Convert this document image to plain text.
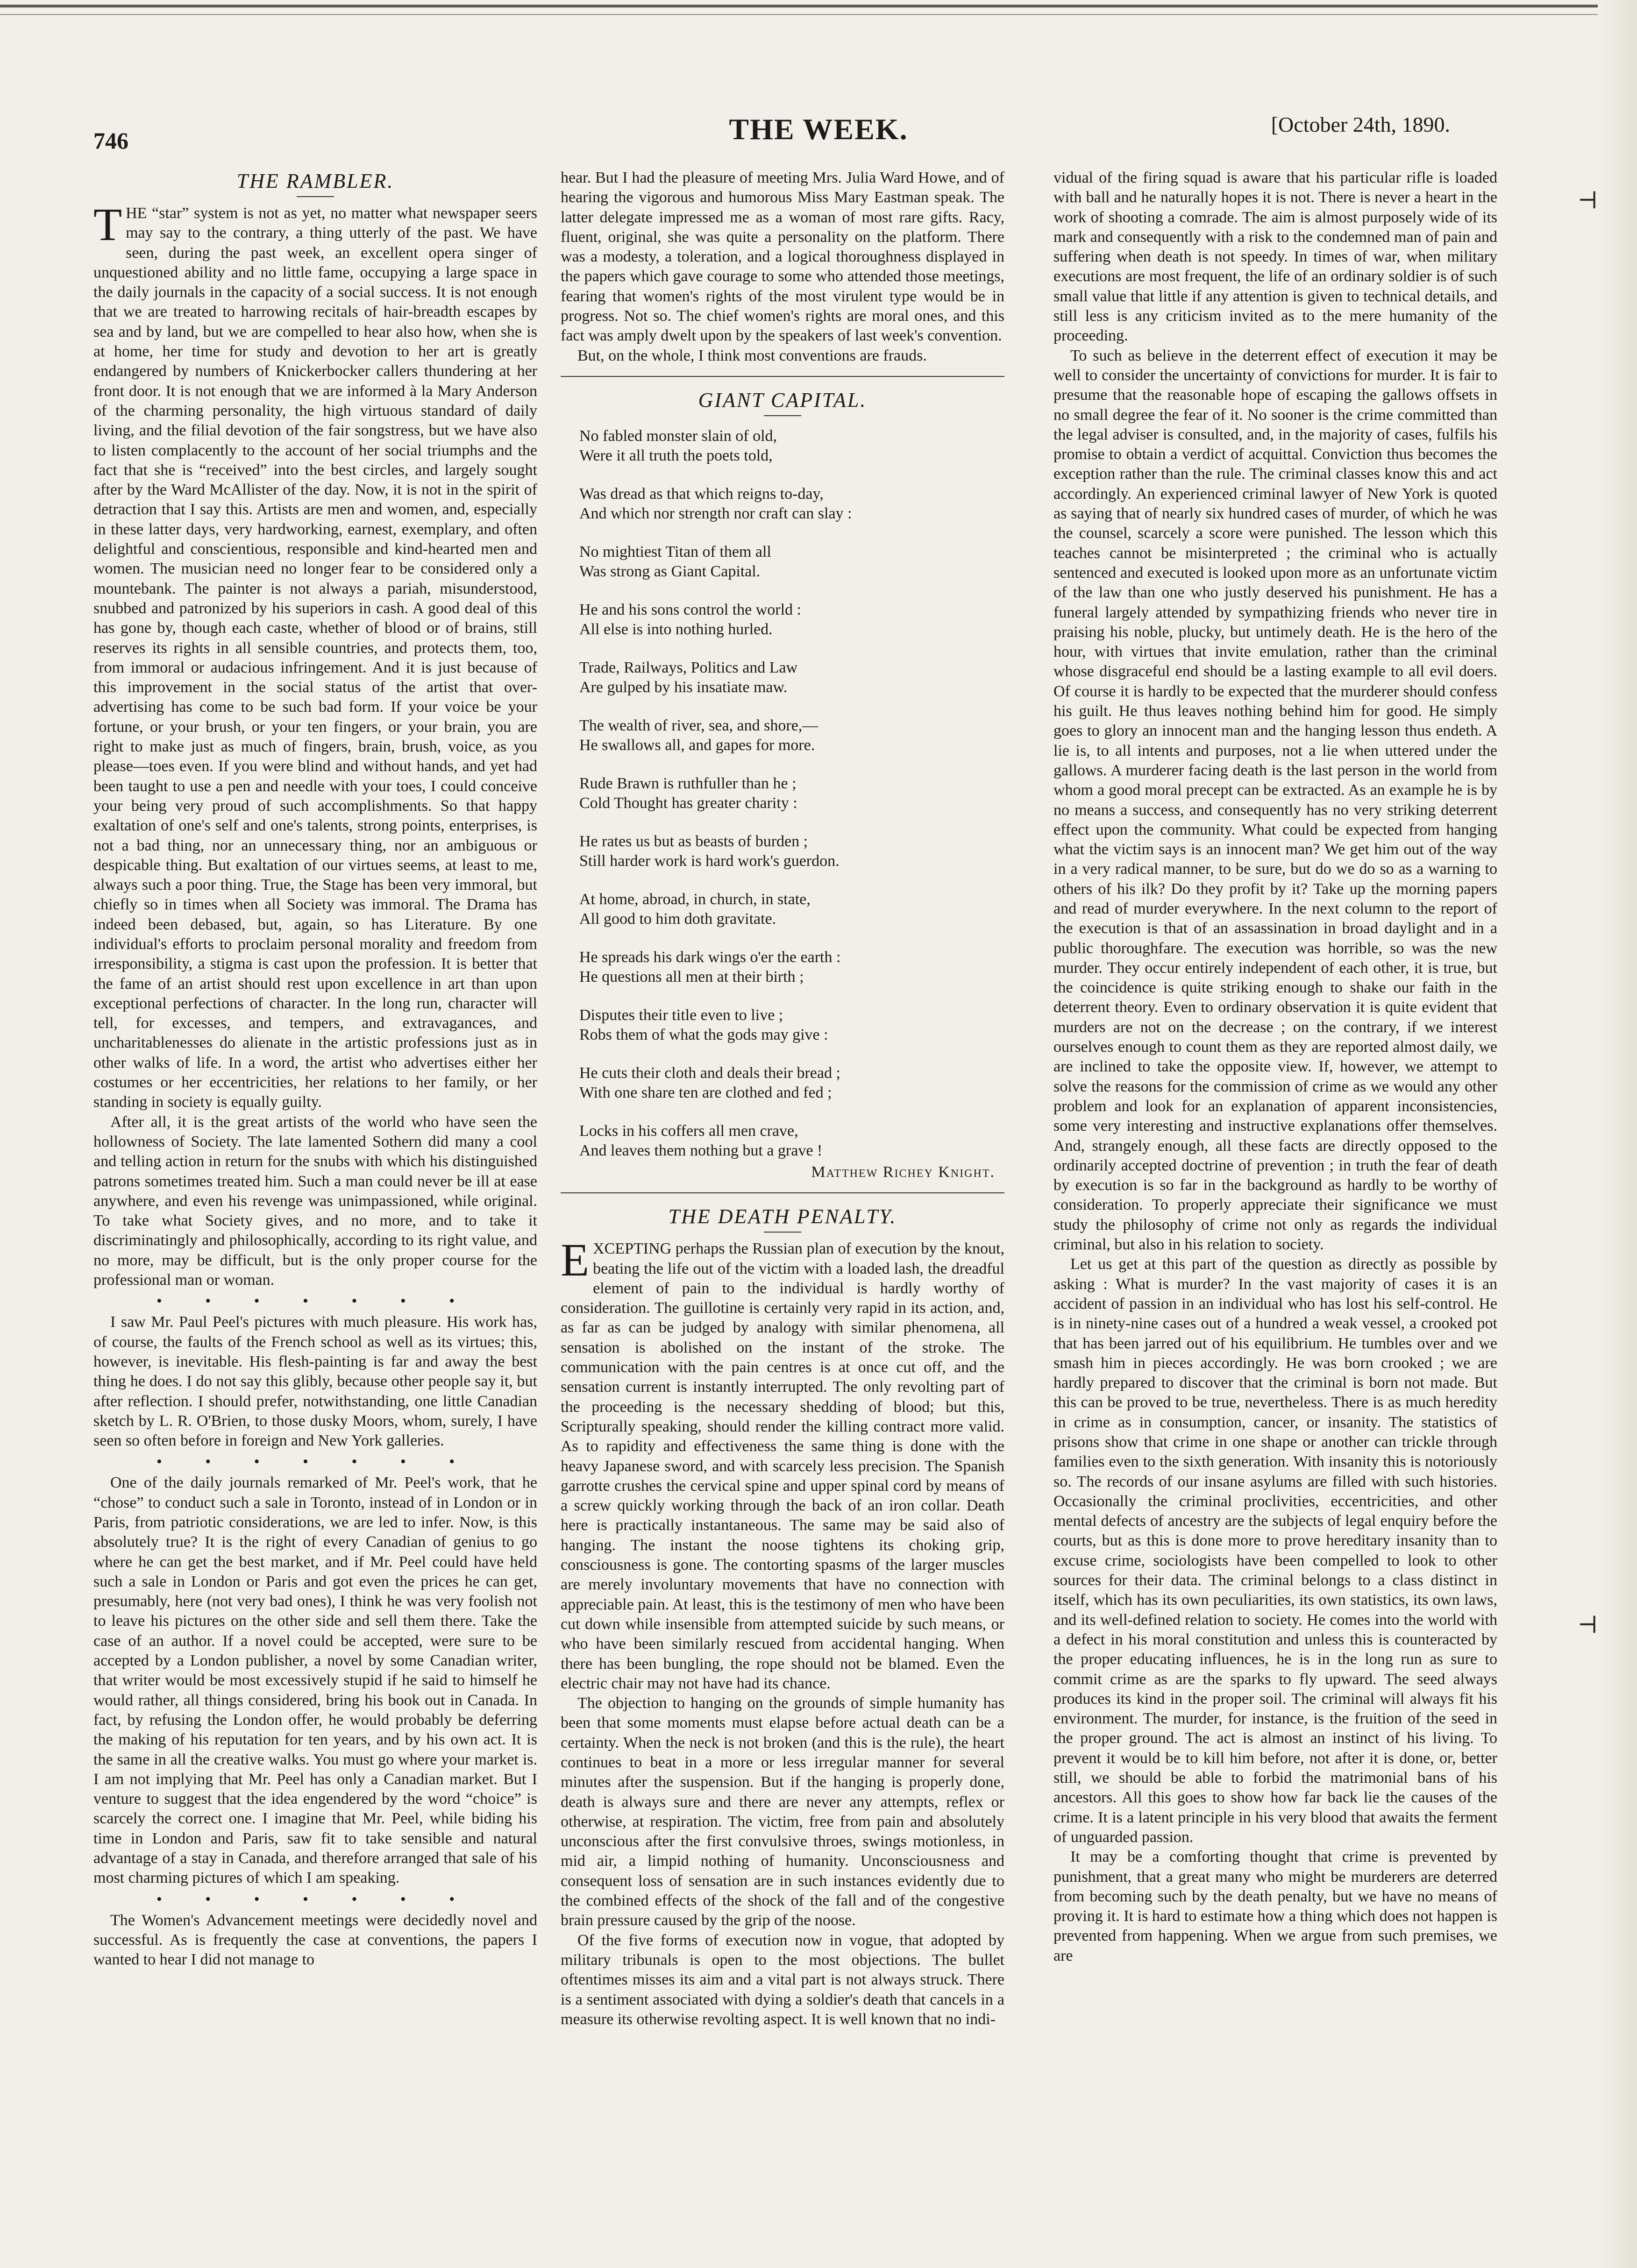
746	THE WEEK.	[October 24th, 1890.
THE RAMBLER.

THE “star” system is not as yet, no matter what newspaper seers may say to the contrary, a thing utterly of the past. We have seen, during the past week, an excellent opera singer of unquestioned ability and no little fame, occupying a large space in the daily journals in the capacity of a social success. It is not enough that we are treated to harrowing recitals of hair-breadth escapes by sea and by land, but we are compelled to hear also how, when she is at home, her time for study and devotion to her art is greatly endangered by numbers of Knickerbocker callers thundering at her front door. It is not enough that we are informed à la Mary Anderson of the charming personality, the high virtuous standard of daily living, and the filial devotion of the fair songstress, but we have also to listen complacently to the account of her social triumphs and the fact that she is “received” into the best circles, and largely sought after by the Ward McAllister of the day. Now, it is not in the spirit of detraction that I say this. Artists are men and women, and, especially in these latter days, very hardworking, earnest, exemplary, and often delightful and conscientious, responsible and kind-hearted men and women. The musician need no longer fear to be considered only a mountebank. The painter is not always a pariah, misunderstood, snubbed and patronized by his superiors in cash. A good deal of this has gone by, though each caste, whether of blood or of brains, still reserves its rights in all sensible countries, and protects them, too, from immoral or audacious infringement. And it is just because of this improvement in the social status of the artist that over-advertising has come to be such bad form. If your voice be your fortune, or your brush, or your ten fingers, or your brain, you are right to make just as much of fingers, brain, brush, voice, as you please—toes even. If you were blind and without hands, and yet had been taught to use a pen and needle with your toes, I could conceive your being very proud of such accomplishments. So that happy exaltation of one's self and one's talents, strong points, enterprises, is not a bad thing, nor an unnecessary thing, nor an ambiguous or despicable thing. But exaltation of our virtues seems, at least to me, always such a poor thing. True, the Stage has been very immoral, but chiefly so in times when all Society was immoral. The Drama has indeed been debased, but, again, so has Literature. By one individual's efforts to proclaim personal morality and freedom from irresponsibility, a stigma is cast upon the profession. It is better that the fame of an artist should rest upon excellence in art than upon exceptional perfections of character. In the long run, character will tell, for excesses, and tempers, and extravagances, and uncharitablenesses do alienate in the artistic professions just as in other walks of life. In a word, the artist who advertises either her costumes or her eccentricities, her relations to her family, or her standing in society is equally guilty.

After all, it is the great artists of the world who have seen the hollowness of Society. The late lamented Sothern did many a cool and telling action in return for the snubs with which his distinguished patrons sometimes treated him. Such a man could never be ill at ease anywhere, and even his revenge was unimpassioned, while original. To take what Society gives, and no more, and to take it discriminatingly and philosophically, according to its right value, and no more, may be difficult, but is the only proper course for the professional man or woman.

• • • • • • •

I saw Mr. Paul Peel's pictures with much pleasure. His work has, of course, the faults of the French school as well as its virtues; this, however, is inevitable. His flesh-painting is far and away the best thing he does. I do not say this glibly, because other people say it, but after reflection. I should prefer, notwithstanding, one little Canadian sketch by L. R. O'Brien, to those dusky Moors, whom, surely, I have seen so often before in foreign and New York galleries.

• • • • • • •

One of the daily journals remarked of Mr. Peel's work, that he “chose” to conduct such a sale in Toronto, instead of in London or in Paris, from patriotic considerations, we are led to infer. Now, is this absolutely true? It is the right of every Canadian of genius to go where he can get the best market, and if Mr. Peel could have held such a sale in London or Paris and got even the prices he can get, presumably, here (not very bad ones), I think he was very foolish not to leave his pictures on the other side and sell them there. Take the case of an author. If a novel could be accepted, were sure to be accepted by a London publisher, a novel by some Canadian writer, that writer would be most excessively stupid if he said to himself he would rather, all things considered, bring his book out in Canada. In fact, by refusing the London offer, he would probably be deferring the making of his reputation for ten years, and by his own act. It is the same in all the creative walks. You must go where your market is. I am not implying that Mr. Peel has only a Canadian market. But I venture to suggest that the idea engendered by the word “choice” is scarcely the correct one. I imagine that Mr. Peel, while biding his time in London and Paris, saw fit to take sensible and natural advantage of a stay in Canada, and therefore arranged that sale of his most charming pictures of which I am speaking.

• • • • • • •

The Women's Advancement meetings were decidedly novel and successful. As is frequently the case at conventions, the papers I wanted to hear I did not manage to

hear. But I had the pleasure of meeting Mrs. Julia Ward Howe, and of hearing the vigorous and humorous Miss Mary Eastman speak. The latter delegate impressed me as a woman of most rare gifts. Racy, fluent, original, she was quite a personality on the platform. There was a modesty, a toleration, and a logical thoroughness displayed in the papers which gave courage to some who attended those meetings, fearing that women's rights of the most virulent type would be in progress. Not so. The chief women's rights are moral ones, and this fact was amply dwelt upon by the speakers of last week's convention.

But, on the whole, I think most conventions are frauds.

GIANT CAPITAL.
No fabled monster slain of old,
Were it all truth the poets told,
Was dread as that which reigns to-day,
And which nor strength nor craft can slay :
No mightiest Titan of them all
Was strong as Giant Capital.
He and his sons control the world :
All else is into nothing hurled.
Trade, Railways, Politics and Law
Are gulped by his insatiate maw.
The wealth of river, sea, and shore,—
He swallows all, and gapes for more.
Rude Brawn is ruthfuller than he ;
Cold Thought has greater charity :
He rates us but as beasts of burden ;
Still harder work is hard work's guerdon.
At home, abroad, in church, in state,
All good to him doth gravitate.
He spreads his dark wings o'er the earth :
He questions all men at their birth ;
Disputes their title even to live ;
Robs them of what the gods may give :
He cuts their cloth and deals their bread ;
With one share ten are clothed and fed ;
Locks in his coffers all men crave,
And leaves them nothing but a grave !
Matthew Richey Knight.
THE DEATH PENALTY.

EXCEPTING perhaps the Russian plan of execution by the knout, beating the life out of the victim with a loaded lash, the dreadful element of pain to the individual is hardly worthy of consideration. The guillotine is certainly very rapid in its action, and, as far as can be judged by analogy with similar phenomena, all sensation is abolished on the instant of the stroke. The communication with the pain centres is at once cut off, and the sensation current is instantly interrupted. The only revolting part of the proceeding is the necessary shedding of blood; but this, Scripturally speaking, should render the killing contract more valid. As to rapidity and effectiveness the same thing is done with the heavy Japanese sword, and with scarcely less precision. The Spanish garrotte crushes the cervical spine and upper spinal cord by means of a screw quickly working through the back of an iron collar. Death here is practically instantaneous. The same may be said also of hanging. The instant the noose tightens its choking grip, consciousness is gone. The contorting spasms of the larger muscles are merely involuntary movements that have no connection with appreciable pain. At least, this is the testimony of men who have been cut down while insensible from attempted suicide by such means, or who have been similarly rescued from accidental hanging. When there has been bungling, the rope should not be blamed. Even the electric chair may not have had its chance.

The objection to hanging on the grounds of simple humanity has been that some moments must elapse before actual death can be a certainty. When the neck is not broken (and this is the rule), the heart continues to beat in a more or less irregular manner for several minutes after the suspension. But if the hanging is properly done, death is always sure and there are never any attempts, reflex or otherwise, at respiration. The victim, free from pain and absolutely unconscious after the first convulsive throes, swings motionless, in mid air, a limpid nothing of humanity. Unconsciousness and consequent loss of sensation are in such instances evidently due to the combined effects of the shock of the fall and of the congestive brain pressure caused by the grip of the noose.

Of the five forms of execution now in vogue, that adopted by military tribunals is open to the most objections. The bullet oftentimes misses its aim and a vital part is not always struck. There is a sentiment associated with dying a soldier's death that cancels in a measure its otherwise revolting aspect. It is well known that no indi-

vidual of the firing squad is aware that his particular rifle is loaded with ball and he naturally hopes it is not. There is never a heart in the work of shooting a comrade. The aim is almost purposely wide of its mark and consequently with a risk to the condemned man of pain and suffering when death is not speedy. In times of war, when military executions are most frequent, the life of an ordinary soldier is of such small value that little if any attention is given to technical details, and still less is any criticism invited as to the mere humanity of the proceeding.

To such as believe in the deterrent effect of execution it may be well to consider the uncertainty of convictions for murder. It is fair to presume that the reasonable hope of escaping the gallows offsets in no small degree the fear of it. No sooner is the crime committed than the legal adviser is consulted, and, in the majority of cases, fulfils his promise to obtain a verdict of acquittal. Conviction thus becomes the exception rather than the rule. The criminal classes know this and act accordingly. An experienced criminal lawyer of New York is quoted as saying that of nearly six hundred cases of murder, of which he was the counsel, scarcely a score were punished. The lesson which this teaches cannot be misinterpreted ; the criminal who is actually sentenced and executed is looked upon more as an unfortunate victim of the law than one who justly deserved his punishment. He has a funeral largely attended by sympathizing friends who never tire in praising his noble, plucky, but untimely death. He is the hero of the hour, with virtues that invite emulation, rather than the criminal whose disgraceful end should be a lasting example to all evil doers. Of course it is hardly to be expected that the murderer should confess his guilt. He thus leaves nothing behind him for good. He simply goes to glory an innocent man and the hanging lesson thus endeth. A lie is, to all intents and purposes, not a lie when uttered under the gallows. A murderer facing death is the last person in the world from whom a good moral precept can be extracted. As an example he is by no means a success, and consequently has no very striking deterrent effect upon the community. What could be expected from hanging what the victim says is an innocent man? We get him out of the way in a very radical manner, to be sure, but do we do so as a warning to others of his ilk? Do they profit by it? Take up the morning papers and read of murder everywhere. In the next column to the report of the execution is that of an assassination in broad daylight and in a public thoroughfare. The execution was horrible, so was the new murder. They occur entirely independent of each other, it is true, but the coincidence is quite striking enough to shake our faith in the deterrent theory. Even to ordinary observation it is quite evident that murders are not on the decrease ; on the contrary, if we interest ourselves enough to count them as they are reported almost daily, we are inclined to take the opposite view. If, however, we attempt to solve the reasons for the commission of crime as we would any other problem and look for an explanation of apparent inconsistencies, some very interesting and instructive explanations offer themselves. And, strangely enough, all these facts are directly opposed to the ordinarily accepted doctrine of prevention ; in truth the fear of death by execution is so far in the background as hardly to be worthy of consideration. To properly appreciate their significance we must study the philosophy of crime not only as regards the individual criminal, but also in his relation to society.

Let us get at this part of the question as directly as possible by asking : What is murder? In the vast majority of cases it is an accident of passion in an individual who has lost his self-control. He is in ninety-nine cases out of a hundred a weak vessel, a crooked pot that has been jarred out of his equilibrium. He tumbles over and we smash him in pieces accordingly. He was born crooked ; we are hardly prepared to discover that the criminal is born not made. But this can be proved to be true, nevertheless. There is as much heredity in crime as in consumption, cancer, or insanity. The statistics of prisons show that crime in one shape or another can trickle through families even to the sixth generation. With insanity this is notoriously so. The records of our insane asylums are filled with such histories. Occasionally the criminal proclivities, eccentricities, and other mental defects of ancestry are the subjects of legal enquiry before the courts, but as this is done more to prove hereditary insanity than to excuse crime, sociologists have been compelled to look to other sources for their data. The criminal belongs to a class distinct in itself, which has its own peculiarities, its own statistics, its own laws, and its well-defined relation to society. He comes into the world with a defect in his moral constitution and unless this is counteracted by the proper educating influences, he is in the long run as sure to commit crime as are the sparks to fly upward. The seed always produces its kind in the proper soil. The criminal will always fit his environment. The murder, for instance, is the fruition of the seed in the proper ground. The act is almost an instinct of his living. To prevent it would be to kill him before, not after it is done, or, better still, we should be able to forbid the matrimonial bans of his ancestors. All this goes to show how far back lie the causes of the crime. It is a latent principle in his very blood that awaits the ferment of unguarded passion.

It may be a comforting thought that crime is prevented by punishment, that a great many who might be murderers are deterred from becoming such by the death penalty, but we have no means of proving it. It is hard to estimate how a thing which does not happen is prevented from happening. When we argue from such premises, we are

⊣
⊣
